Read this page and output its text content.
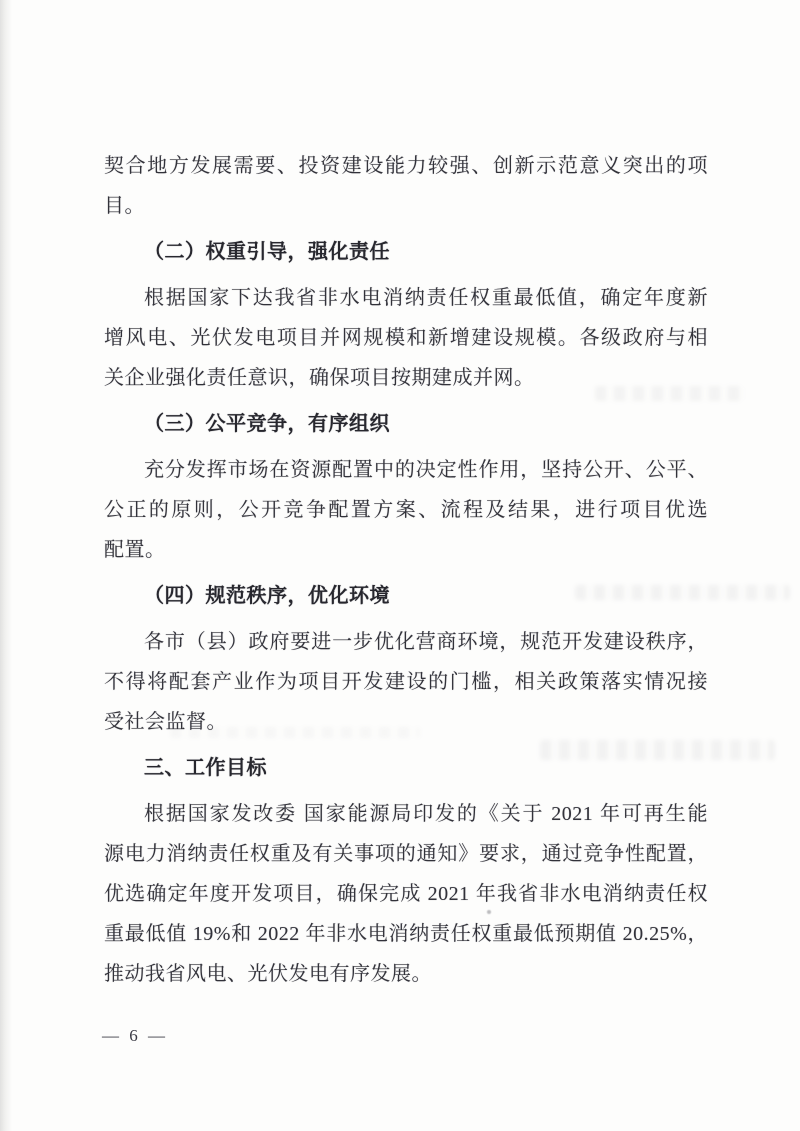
契合地方发展需要、投资建设能力较强、创新示范意义突出的项
目。
（二）权重引导，强化责任
根据国家下达我省非水电消纳责任权重最低值，确定年度新
增风电、光伏发电项目并网规模和新增建设规模。各级政府与相
关企业强化责任意识，确保项目按期建成并网。
（三）公平竞争，有序组织
充分发挥市场在资源配置中的决定性作用，坚持公开、公平、
公正的原则，公开竞争配置方案、流程及结果，进行项目优选
配置。
（四）规范秩序，优化环境
各市（县）政府要进一步优化营商环境，规范开发建设秩序，
不得将配套产业作为项目开发建设的门槛，相关政策落实情况接
受社会监督。
三、工作目标
根据国家发改委 国家能源局印发的《关于 2021 年可再生能
源电力消纳责任权重及有关事项的通知》要求，通过竞争性配置，
优选确定年度开发项目，确保完成 2021 年我省非水电消纳责任权
重最低值 19%和 2022 年非水电消纳责任权重最低预期值 20.25%，
推动我省风电、光伏发电有序发展。
— 6 —
